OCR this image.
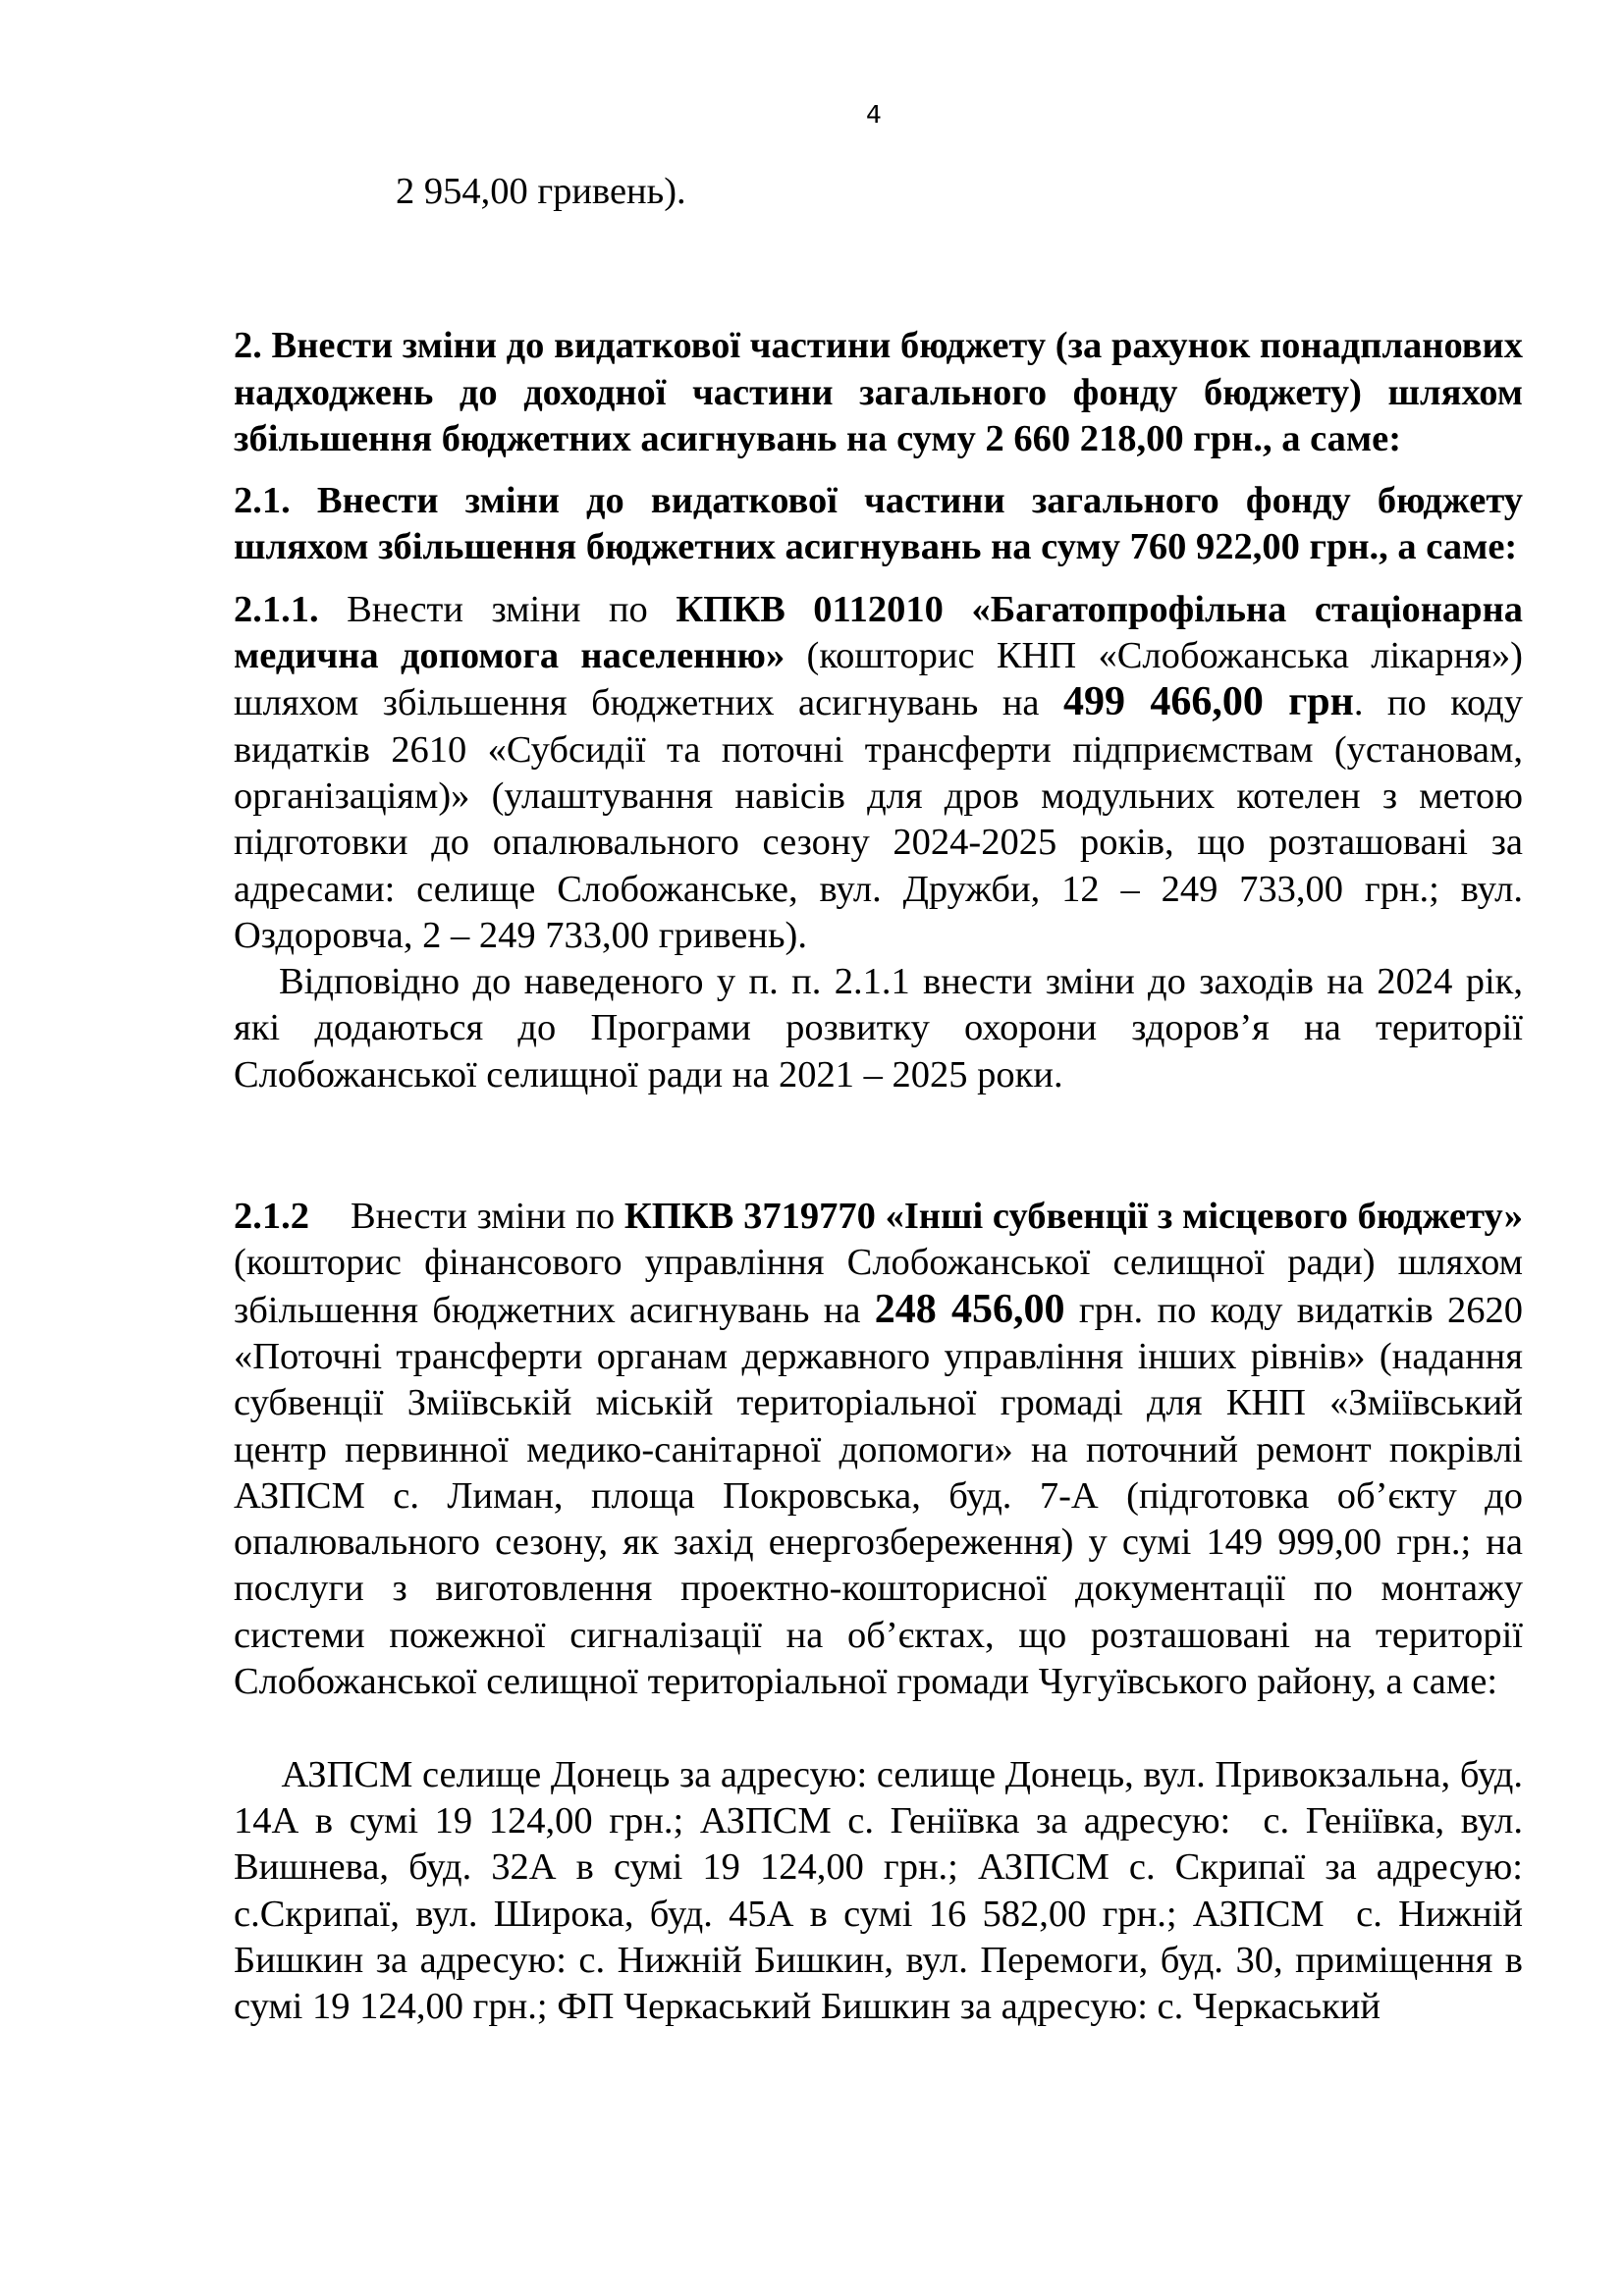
4

2 954,00 гривень).

2. Внести зміни до видаткової частини бюджету (за рахунок понадпланових надходжень до доходної частини загального фонду бюджету) шляхом збільшення бюджетних асигнувань на суму 2 660 218,00 грн., а саме:

2.1. Внести зміни до видаткової частини загального фонду бюджету шляхом збільшення бюджетних асигнувань на суму 760 922,00 грн., а саме:

2.1.1. Внести зміни по КПКВ 0112010 «Багатопрофільна стаціонарна медична допомога населенню» (кошторис КНП «Слобожанська лікарня») шляхом збільшення бюджетних асигнувань на 499 466,00 грн. по коду видатків 2610 «Субсидії та поточні трансферти підприємствам (установам, організаціям)» (улаштування навісів для дров модульних котелен з метою підготовки до опалювального сезону 2024-2025 років, що розташовані за адресами: селище Слобожанське, вул. Дружби, 12 – 249 733,00 грн.; вул. Оздоровча, 2 – 249 733,00 гривень).

Відповідно до наведеного у п. п. 2.1.1 внести зміни до заходів на 2024 рік, які додаються до Програми розвитку охорони здоров’я на території Слобожанської селищної ради на 2021 – 2025 роки.

2.1.2 Внести зміни по КПКВ 3719770 «Інші субвенції з місцевого бюджету» (кошторис фінансового управління Слобожанської селищної ради) шляхом збільшення бюджетних асигнувань на 248 456,00 грн. по коду видатків 2620 «Поточні трансферти органам державного управління інших рівнів» (надання субвенції Зміївській міській територіальної громаді для КНП «Зміївський центр первинної медико-санітарної допомоги» на поточний ремонт покрівлі АЗПСМ с. Лиман, площа Покровська, буд. 7-А (підготовка об’єкту до опалювального сезону, як захід енергозбереження) у сумі 149 999,00 грн.; на послуги з виготовлення проектно-кошторисної документації по монтажу системи пожежної сигналізації на об’єктах, що розташовані на території Слобожанської селищної територіальної громади Чугуївського району, а саме:

АЗПСМ селище Донець за адресую: селище Донець, вул. Привокзальна, буд. 14А в сумі 19 124,00 грн.; АЗПСМ с. Геніївка за адресую:  с. Геніївка, вул. Вишнева, буд. 32А в сумі 19 124,00 грн.; АЗПСМ с. Скрипаї за адресую: с.Скрипаї, вул. Широка, буд. 45А в сумі 16 582,00 грн.; АЗПСМ  с. Нижній Бишкин за адресую: с. Нижній Бишкин, вул. Перемоги, буд. 30, приміщення в сумі 19 124,00 грн.; ФП Черкаський Бишкин за адресую: с. Черкаський
